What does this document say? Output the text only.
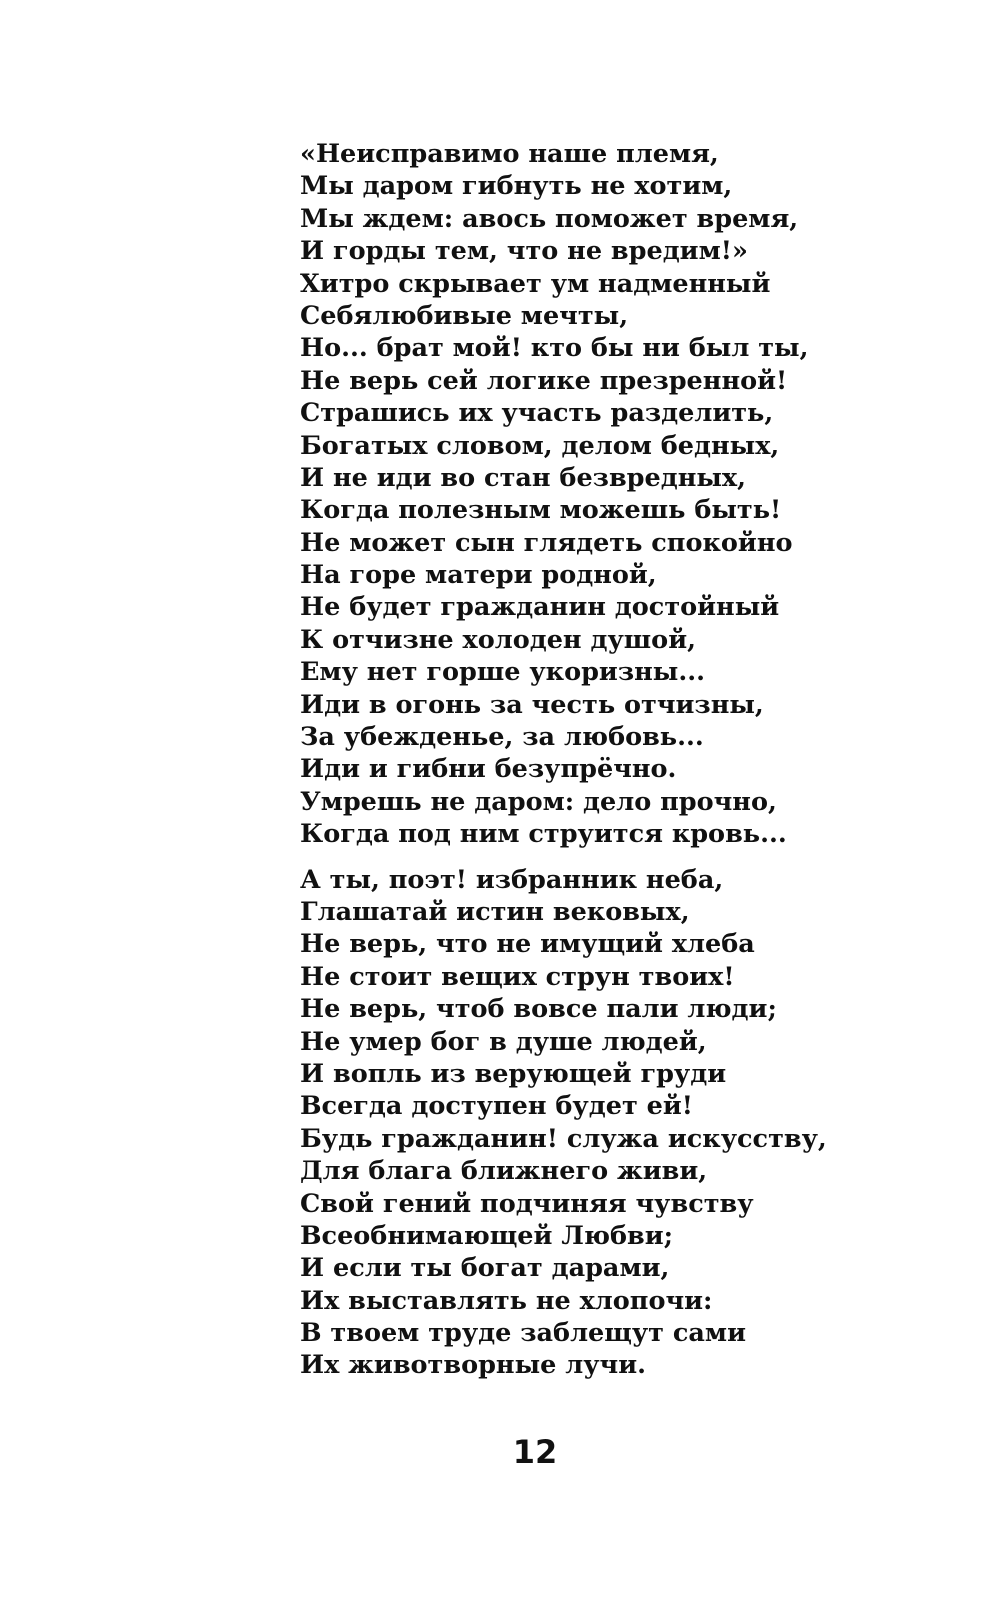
«Неисправимо наше племя,
Мы даром гибнуть не хотим,
Мы ждем: авось поможет время,
И горды тем, что не вредим!»
Хитро скрывает ум надменный
Себялюбивые мечты,
Но... брат мой! кто бы ни был ты,
Не верь сей логике презренной!
Страшись их участь разделить,
Богатых словом, делом бедных,
И не иди во стан безвредных,
Когда полезным можешь быть!
Не может сын глядеть спокойно
На горе матери родной,
Не будет гражданин достойный
К отчизне холоден душой,
Ему нет горше укоризны...
Иди в огонь за честь отчизны,
За убежденье, за любовь...
Иди и гибни безупрёчно.
Умрешь не даром: дело прочно,
Когда под ним струится кровь...
А ты, поэт! избранник неба,
Глашатай истин вековых,
Не верь, что не имущий хлеба
Не стоит вещих струн твоих!
Не верь, чтоб вовсе пали люди;
Не умер бог в душе людей,
И вопль из верующей груди
Всегда доступен будет ей!
Будь гражданин! служа искусству,
Для блага ближнего живи,
Свой гений подчиняя чувству
Всеобнимающей Любви;
И если ты богат дарами,
Их выставлять не хлопочи:
В твоем труде заблещут сами
Их животворные лучи.
12
